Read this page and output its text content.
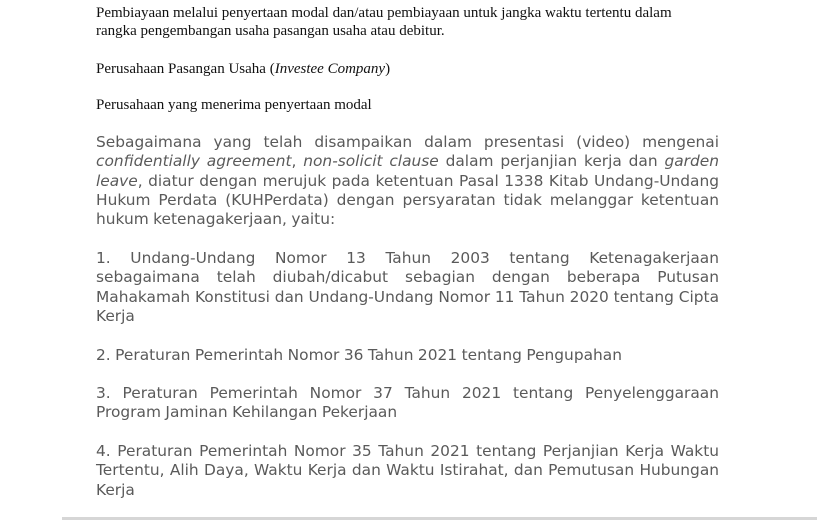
Pembiayaan melalui penyertaan modal dan/atau pembiayaan untuk jangka waktu tertentu dalam
rangka pengembangan usaha pasangan usaha atau debitur.
Perusahaan Pasangan Usaha (Investee Company)
Perusahaan yang menerima penyertaan modal
Sebagaimana yang telah disampaikan dalam presentasi (video) mengenai confidentially agreement, non-solicit clause dalam perjanjian kerja dan garden leave, diatur dengan merujuk pada ketentuan Pasal 1338 Kitab Undang-Undang Hukum Perdata (KUHPerdata) dengan persyaratan tidak melanggar ketentuan hukum ketenagakerjaan, yaitu:
1. Undang-Undang Nomor 13 Tahun 2003 tentang Ketenagakerjaan sebagaimana telah diubah/dicabut sebagian dengan beberapa Putusan Mahakamah Konstitusi dan Undang-Undang Nomor 11 Tahun 2020 tentang Cipta Kerja
2. Peraturan Pemerintah Nomor 36 Tahun 2021 tentang Pengupahan
3. Peraturan Pemerintah Nomor 37 Tahun 2021 tentang Penyelenggaraan Program Jaminan Kehilangan Pekerjaan
4. Peraturan Pemerintah Nomor 35 Tahun 2021 tentang Perjanjian Kerja Waktu Tertentu, Alih Daya, Waktu Kerja dan Waktu Istirahat, dan Pemutusan Hubungan Kerja
